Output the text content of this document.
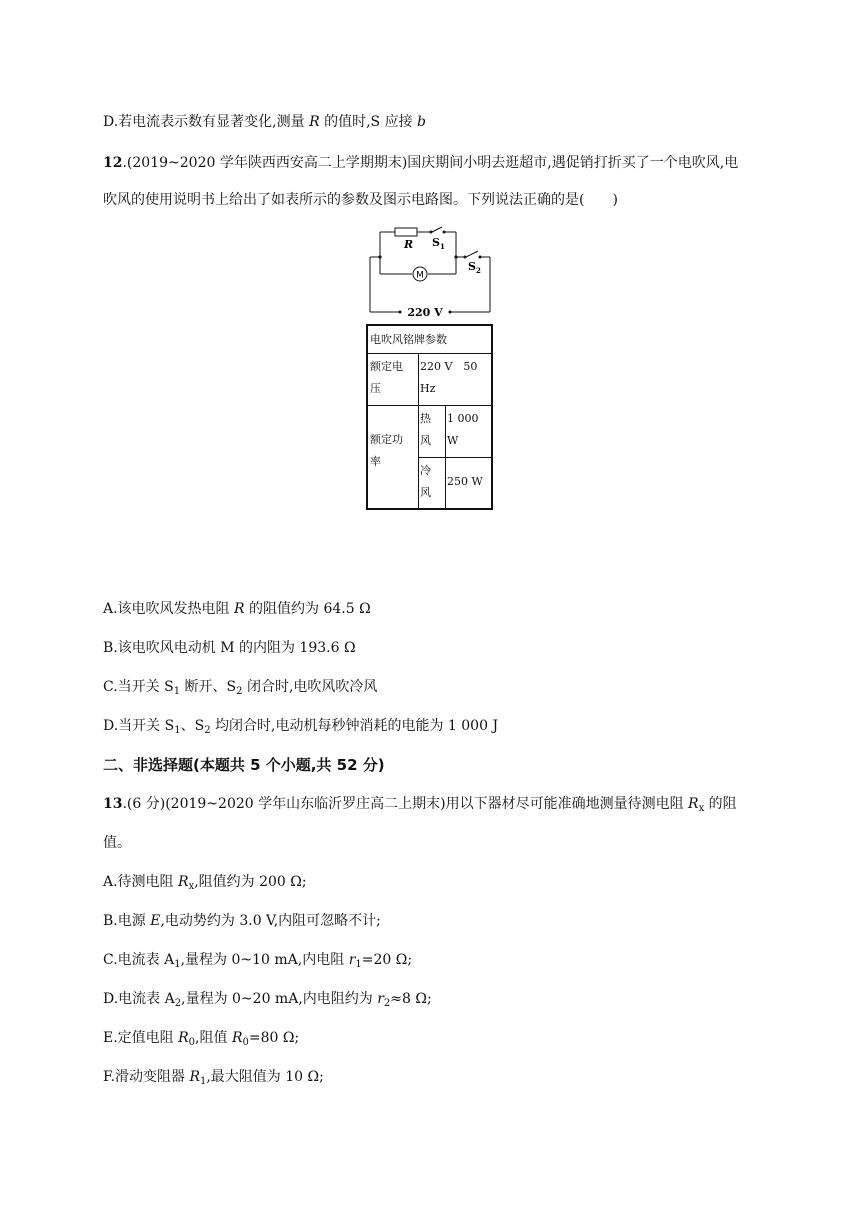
D.若电流表示数有显著变化,测量 R 的值时,S 应接 b
12.(2019~2020 学年陕西西安高二上学期期末)国庆期间小明去逛超市,遇促销打折买了一个电吹风,电
吹风的使用说明书上给出了如表所示的参数及图示电路图。下列说法正确的是(　　)
R $S_1$
$S_2$
M
220 V
电吹风铭牌参数
额定电
压
220 V　50
Hz
额定功
率
热
风
1 000
W
冷
风
250 W
A.该电吹风发热电阻 R 的阻值约为 64.5 Ω
B.该电吹风电动机 M 的内阻为 193.6 Ω
C.当开关 $S_1$ 断开、$S_2$ 闭合时,电吹风吹冷风
D.当开关 $S_1$、$S_2$ 均闭合时,电动机每秒钟消耗的电能为 1 000 J
二、非选择题(本题共 5 个小题,共 52 分)
13.(6 分)(2019~2020 学年山东临沂罗庄高二上期末)用以下器材尽可能准确地测量待测电阻 $R_x$ 的阻
值。
A.待测电阻 $R_x$,阻值约为 200 Ω;
B.电源 E,电动势约为 3.0 V,内阻可忽略不计;
C.电流表 $A_1$,量程为 0~10 mA,内电阻 $r_1=20$ Ω;
D.电流表 $A_2$,量程为 0~20 mA,内电阻约为 $r_2\approx 8$ Ω;
E.定值电阻 $R_0$,阻值 $R_0=80$ Ω;
F.滑动变阻器 $R_1$,最大阻值为 10 Ω;
